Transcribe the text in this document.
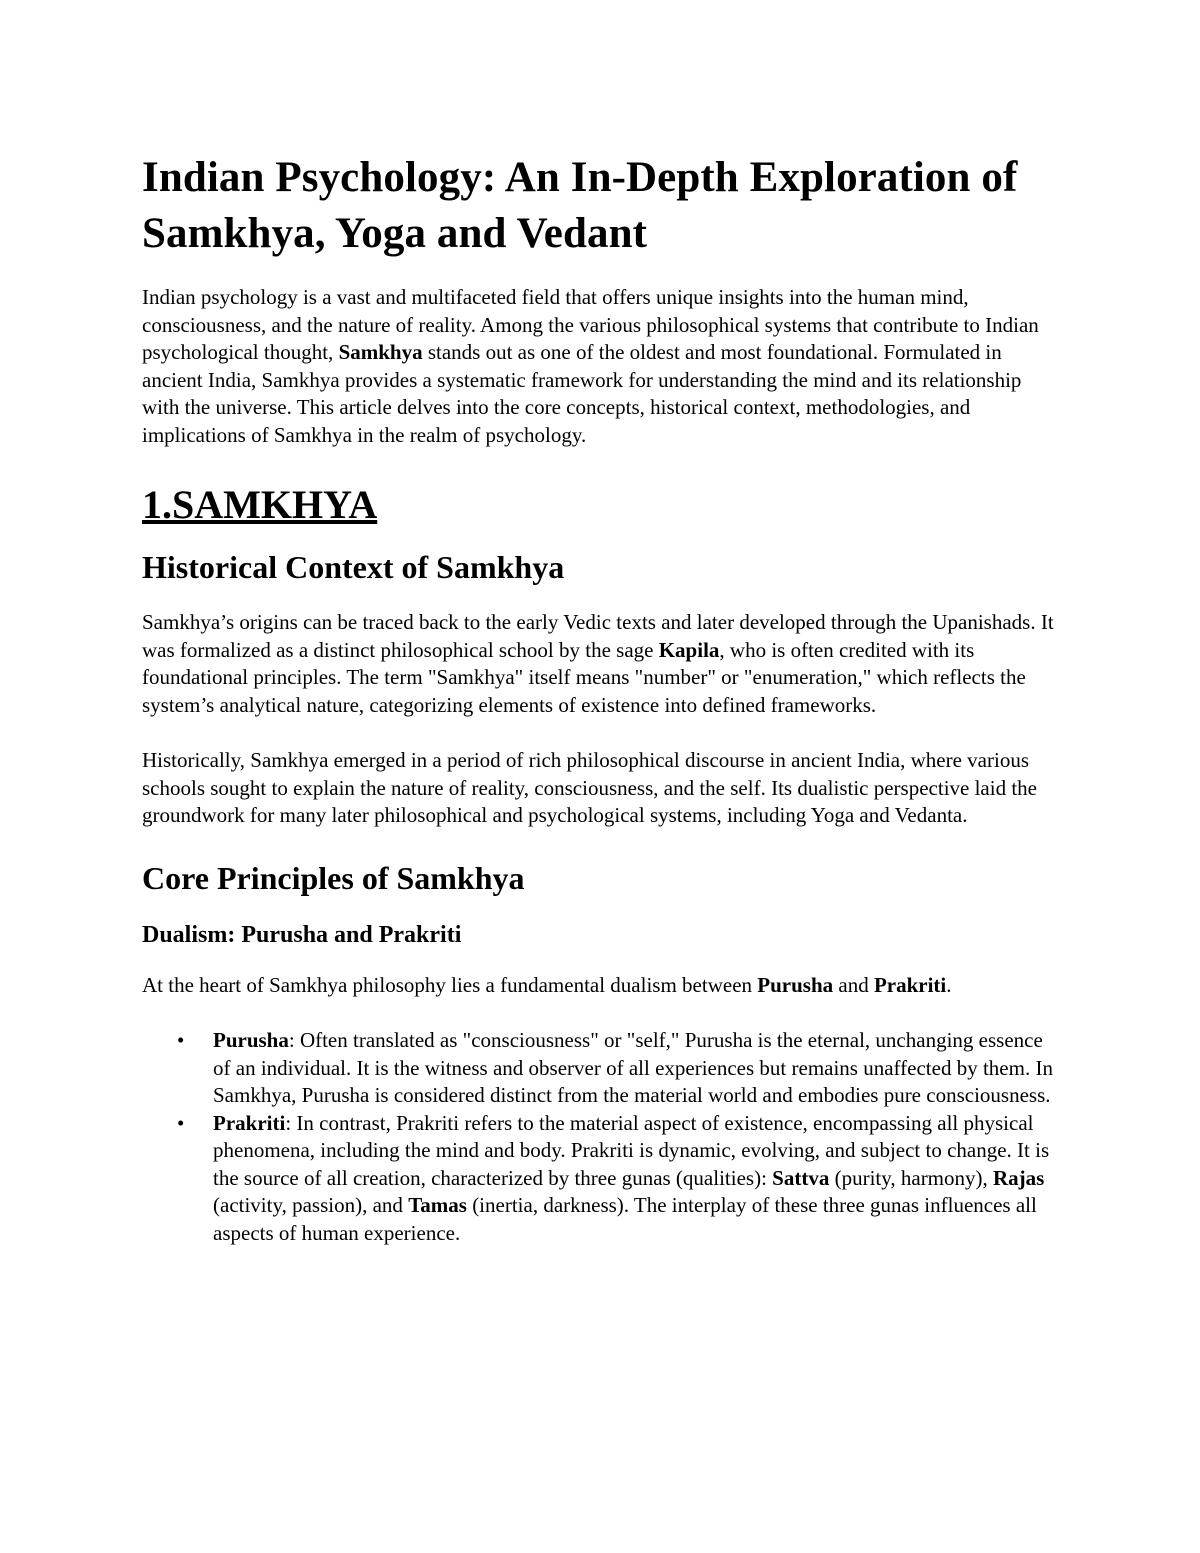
Indian Psychology: An In-Depth Exploration of Samkhya, Yoga and Vedant

Indian psychology is a vast and multifaceted field that offers unique insights into the human mind, consciousness, and the nature of reality. Among the various philosophical systems that contribute to Indian psychological thought, Samkhya stands out as one of the oldest and most foundational. Formulated in ancient India, Samkhya provides a systematic framework for understanding the mind and its relationship with the universe. This article delves into the core concepts, historical context, methodologies, and implications of Samkhya in the realm of psychology.

1.SAMKHYA
Historical Context of Samkhya

Samkhya’s origins can be traced back to the early Vedic texts and later developed through the Upanishads. It was formalized as a distinct philosophical school by the sage Kapila, who is often credited with its foundational principles. The term "Samkhya" itself means "number" or "enumeration," which reflects the system’s analytical nature, categorizing elements of existence into defined frameworks.

Historically, Samkhya emerged in a period of rich philosophical discourse in ancient India, where various schools sought to explain the nature of reality, consciousness, and the self. Its dualistic perspective laid the groundwork for many later philosophical and psychological systems, including Yoga and Vedanta.

Core Principles of Samkhya
Dualism: Purusha and Prakriti

At the heart of Samkhya philosophy lies a fundamental dualism between Purusha and Prakriti.

• Purusha: Often translated as "consciousness" or "self," Purusha is the eternal, unchanging essence of an individual. It is the witness and observer of all experiences but remains unaffected by them. In Samkhya, Purusha is considered distinct from the material world and embodies pure consciousness.
• Prakriti: In contrast, Prakriti refers to the material aspect of existence, encompassing all physical phenomena, including the mind and body. Prakriti is dynamic, evolving, and subject to change. It is the source of all creation, characterized by three gunas (qualities): Sattva (purity, harmony), Rajas (activity, passion), and Tamas (inertia, darkness). The interplay of these three gunas influences all aspects of human experience.
